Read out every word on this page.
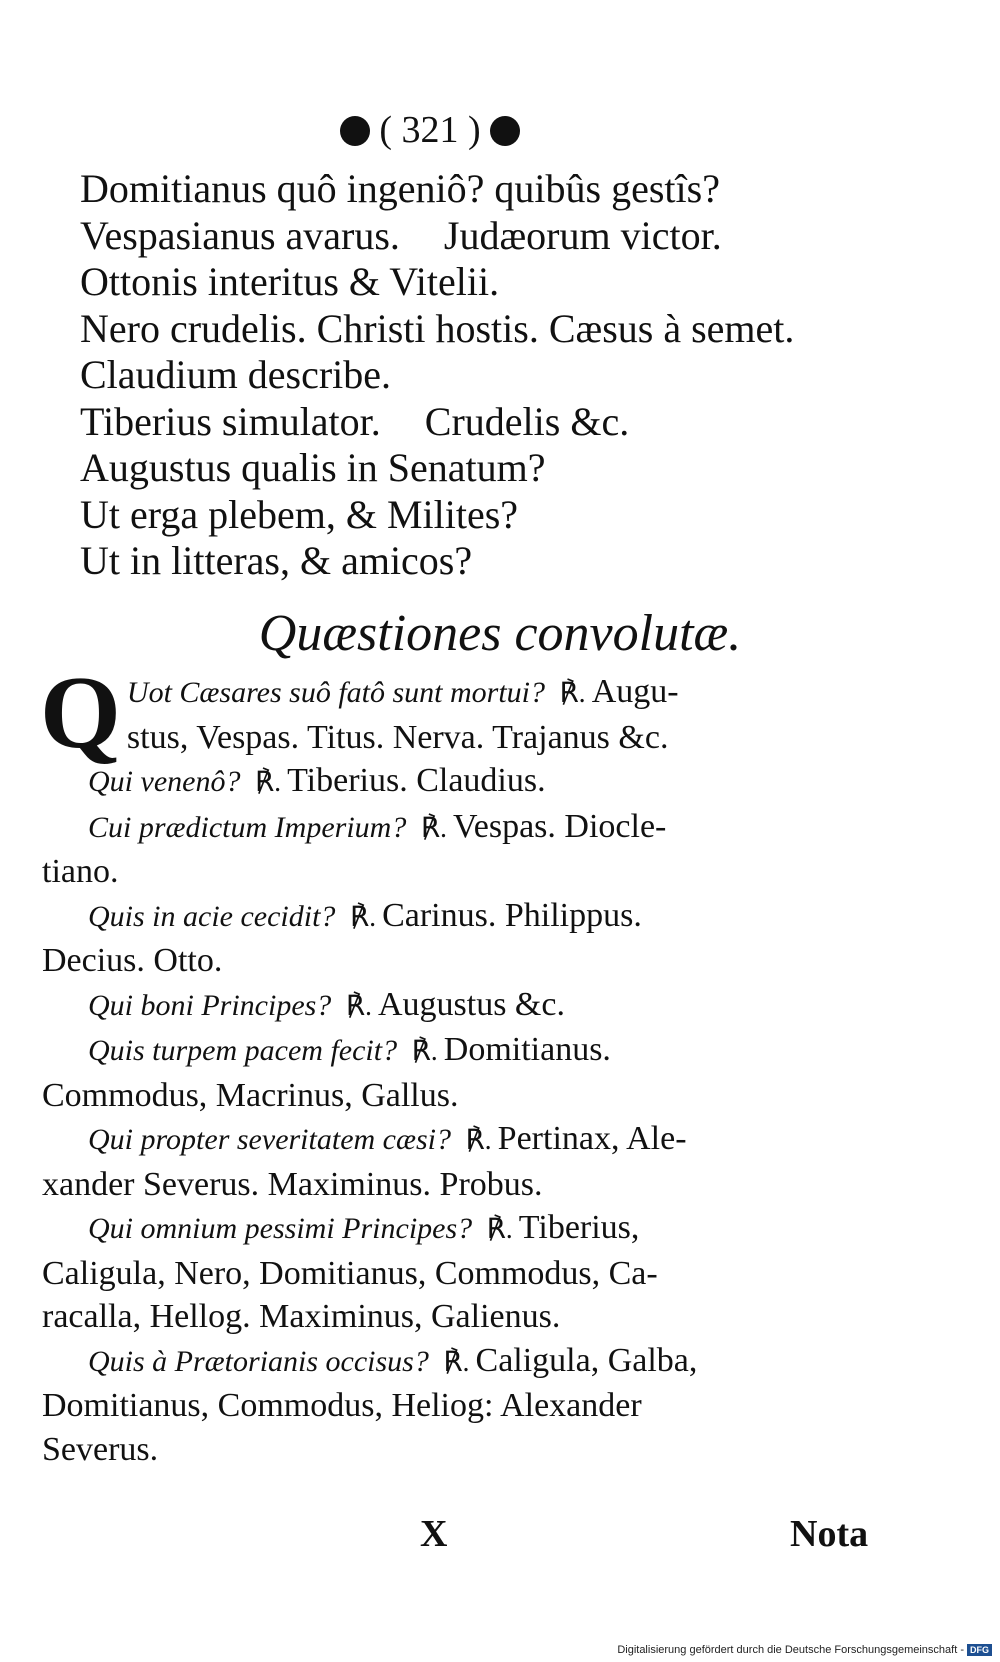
( 321 )
Domitianus quô ingeniô? quibûs gestîs?
Vespasianus avarus. Judæorum victor.
Ottonis interitus & Vitelii.
Nero crudelis. Christi hostis. Cæsus à semet.
Claudium describe.
Tiberius simulator. Crudelis &c.
Augustus qualis in Senatum?
Ut erga plebem, & Milites?
Ut in litteras, & amicos?
Quæstiones convolutæ.
Q Uot Cæsares suô fatô sunt mortui? ℟. Augu-
stus, Vespas. Titus. Nerva. Trajanus &c.
Qui venenô? ℟. Tiberius. Claudius.
Cui prædictum Imperium? ℟. Vespas. Diocle-
tiano.
Quis in acie cecidit? ℟. Carinus. Philippus.
Decius. Otto.
Qui boni Principes? ℟. Augustus &c.
Quis turpem pacem fecit? ℟. Domitianus.
Commodus, Macrinus, Gallus.
Qui propter severitatem cæsi? ℟. Pertinax, Ale-
xander Severus. Maximinus. Probus.
Qui omnium pessimi Principes? ℟. Tiberius,
Caligula, Nero, Domitianus, Commodus, Ca-
racalla, Hellog. Maximinus, Galienus.
Quis à Prætorianis occisus? ℟. Caligula, Galba,
Domitianus, Commodus, Heliog: Alexander
Severus.
X	Nota
Digitalisierung gefördert durch die Deutsche Forschungsgemeinschaft - DFG
